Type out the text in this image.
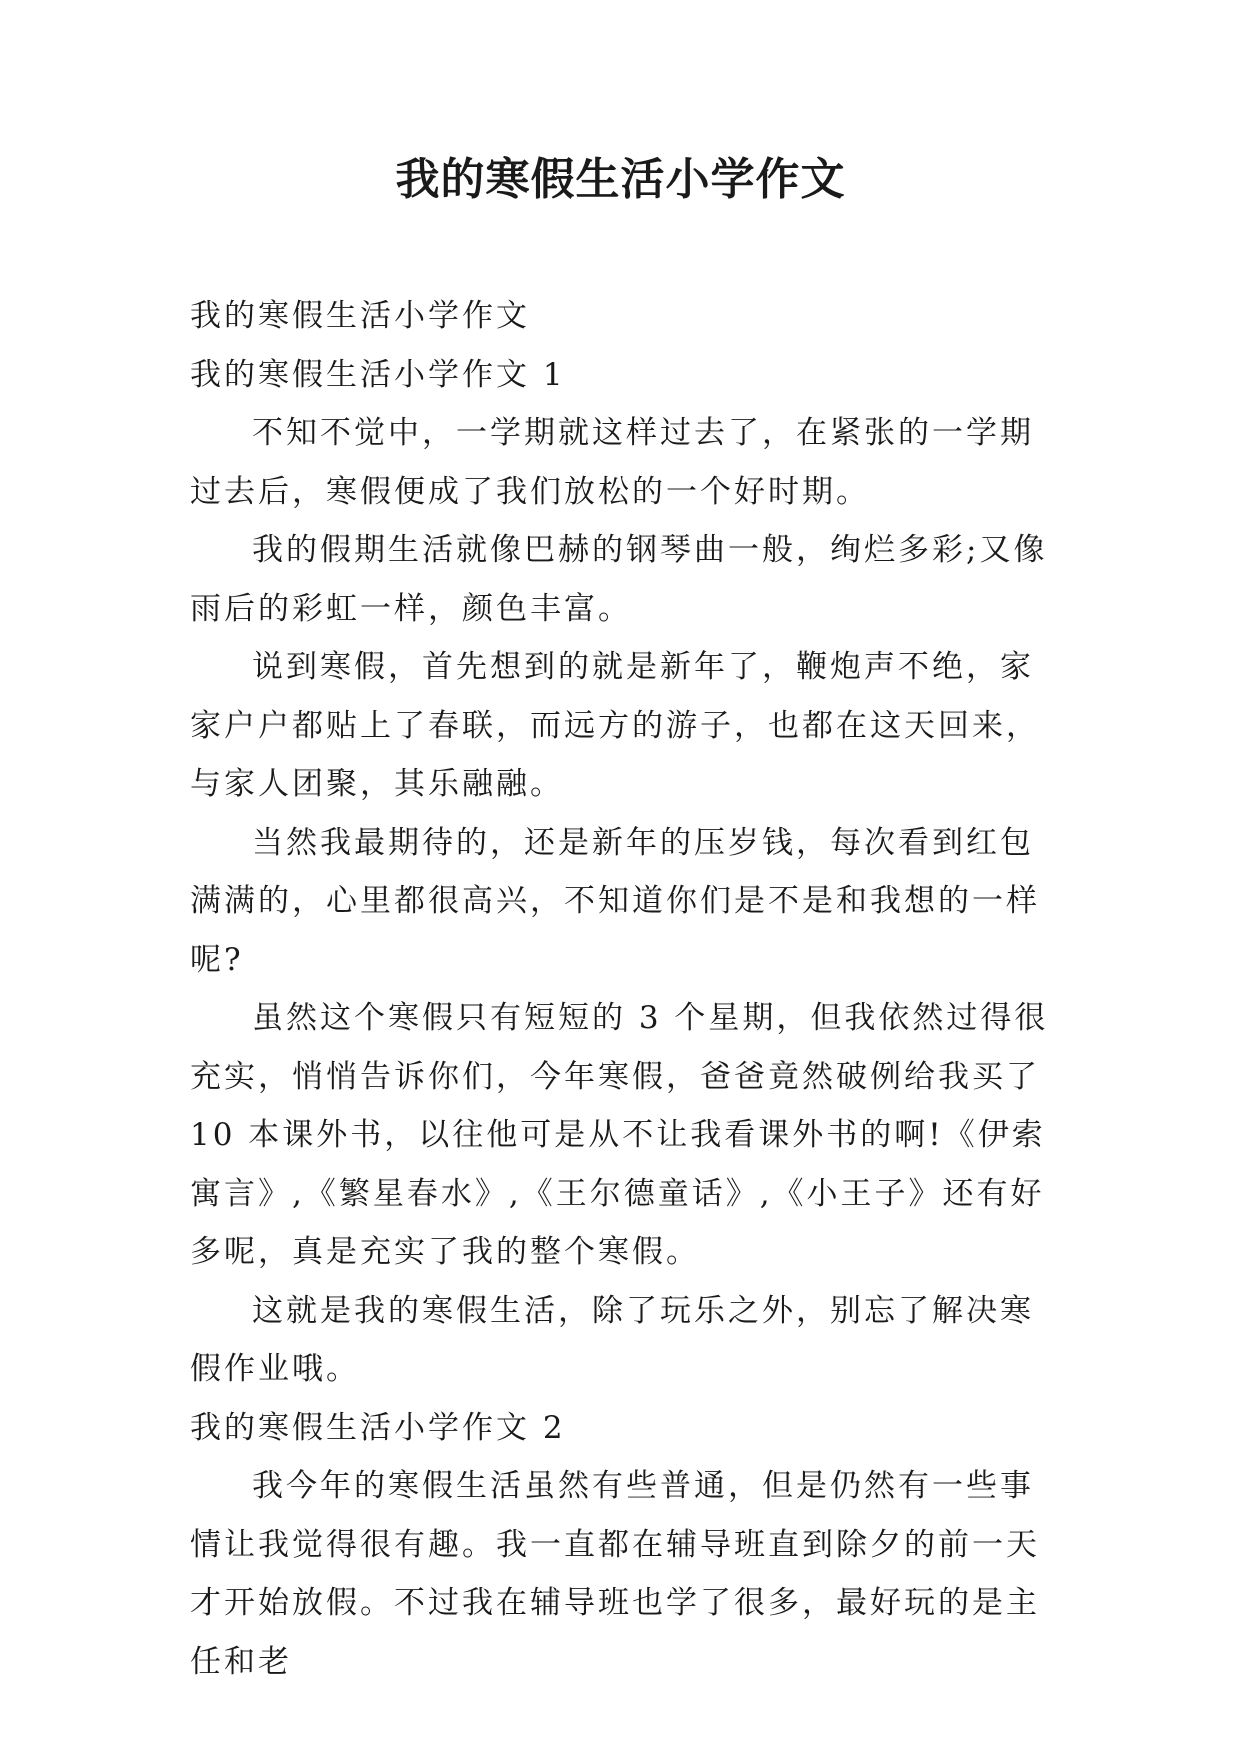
我的寒假生活小学作文

我的寒假生活小学作文

我的寒假生活小学作文 1

不知不觉中，一学期就这样过去了，在紧张的一学期过去后，寒假便成了我们放松的一个好时期。

我的假期生活就像巴赫的钢琴曲一般，绚烂多彩;又像雨后的彩虹一样，颜色丰富。

说到寒假，首先想到的就是新年了，鞭炮声不绝，家家户户都贴上了春联，而远方的游子，也都在这天回来，与家人团聚，其乐融融。

当然我最期待的，还是新年的压岁钱，每次看到红包满满的，心里都很高兴，不知道你们是不是和我想的一样呢?

虽然这个寒假只有短短的 3 个星期，但我依然过得很充实，悄悄告诉你们，今年寒假，爸爸竟然破例给我买了 10 本课外书，以往他可是从不让我看课外书的啊!《伊索寓言》,《繁星春水》,《王尔德童话》,《小王子》还有好多呢，真是充实了我的整个寒假。

这就是我的寒假生活，除了玩乐之外，别忘了解决寒假作业哦。

我的寒假生活小学作文 2

我今年的寒假生活虽然有些普通，但是仍然有一些事情让我觉得很有趣。我一直都在辅导班直到除夕的前一天才开始放假。不过我在辅导班也学了很多，最好玩的是主任和老
